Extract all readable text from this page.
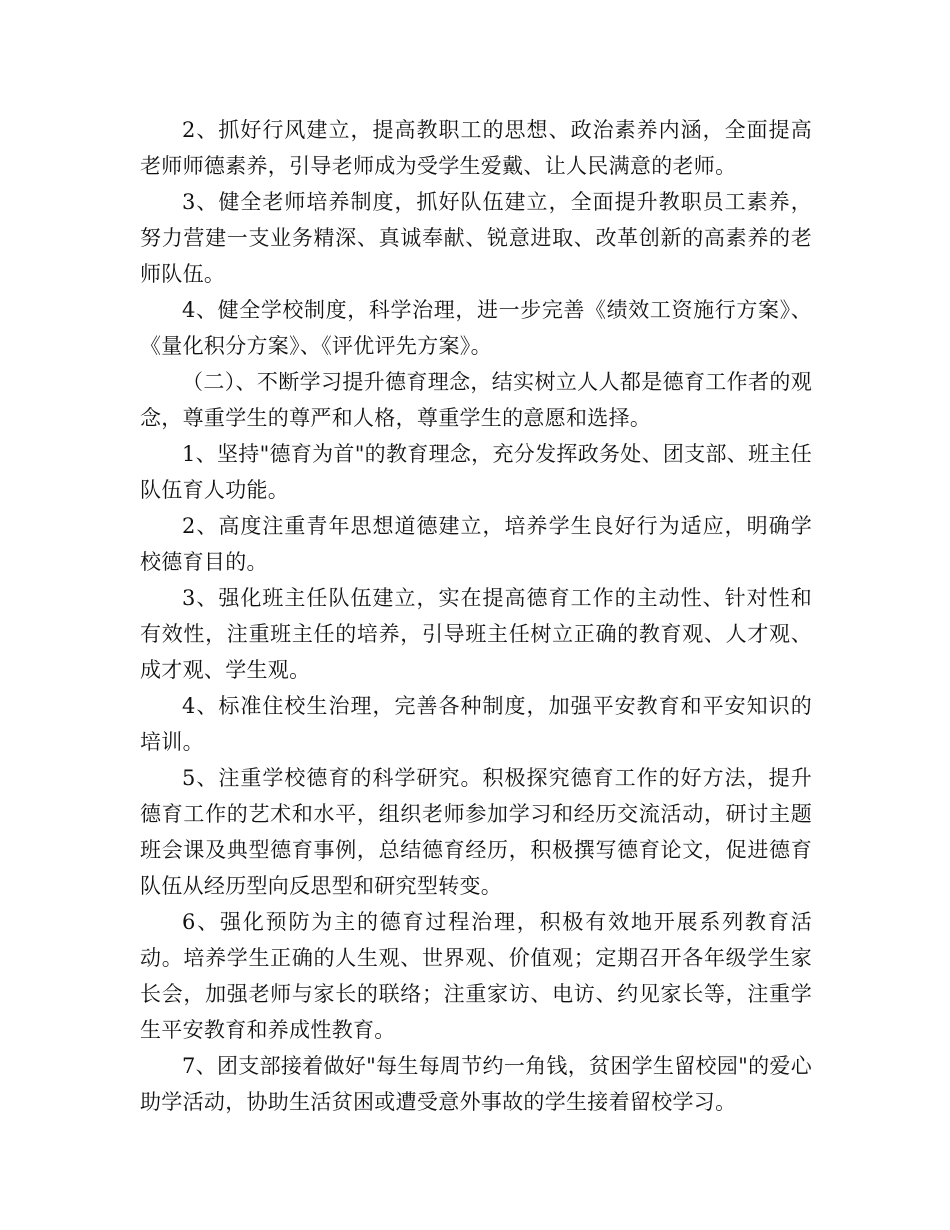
2、抓好行风建立，提高教职工的思想、政治素养内涵，全面提高老师师德素养，引导老师成为受学生爱戴、让人民满意的老师。

3、健全老师培养制度，抓好队伍建立，全面提升教职员工素养，努力营建一支业务精深、真诚奉献、锐意进取、改革创新的高素养的老师队伍。

4、健全学校制度，科学治理，进一步完善《绩效工资施行方案》、《量化积分方案》、《评优评先方案》。

（二）、不断学习提升德育理念，结实树立人人都是德育工作者的观念，尊重学生的尊严和人格，尊重学生的意愿和选择。

1、坚持"德育为首"的教育理念，充分发挥政务处、团支部、班主任队伍育人功能。

2、高度注重青年思想道德建立，培养学生良好行为适应，明确学校德育目的。

3、强化班主任队伍建立，实在提高德育工作的主动性、针对性和有效性，注重班主任的培养，引导班主任树立正确的教育观、人才观、成才观、学生观。

4、标准住校生治理，完善各种制度，加强平安教育和平安知识的培训。

5、注重学校德育的科学研究。积极探究德育工作的好方法，提升德育工作的艺术和水平，组织老师参加学习和经历交流活动，研讨主题班会课及典型德育事例，总结德育经历，积极撰写德育论文，促进德育队伍从经历型向反思型和研究型转变。

6、强化预防为主的德育过程治理，积极有效地开展系列教育活动。培养学生正确的人生观、世界观、价值观；定期召开各年级学生家长会，加强老师与家长的联络；注重家访、电访、约见家长等，注重学生平安教育和养成性教育。

7、团支部接着做好"每生每周节约一角钱，贫困学生留校园"的爱心助学活动，协助生活贫困或遭受意外事故的学生接着留校学习。
